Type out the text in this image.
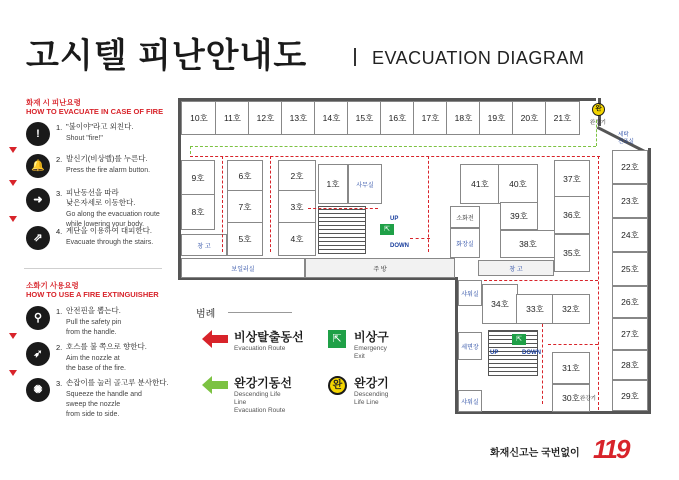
고시텔 피난안내도	EVACUATION DIAGRAM
화재 시 피난요령
HOW TO EVACUATE IN CASE OF FIRE
!
1. "불이야"라고 외친다.
Shout "fire!"
🔔
2. 발신기(비상벨)를 누른다.
Press the fire alarm button.
➜
3. 피난동선을 따라
낮은자세로 이동한다.
Go along the evacuation route
while lowering your body.
⇗
4. 계단을 이용하여 대피한다.
Evacuate through the stairs.
소화기 사용요령
HOW TO USE A FIRE EXTINGUISHER
⚲
1. 안전핀을 뽑는다.
Pull the safety pin
from the handle.
➶
2. 호스를 불 쪽으로 향한다.
Aim the nozzle at
the base of the fire.
✺
3. 손잡이를 눌러 골고루 분사한다.
Squeeze the handle and
sweep the nozzle
from side to side.
10호	11호	12호	13호	14호	15호	16호	17호	18호	19호	20호	21호
완
완강기
세탁
건조실
9호
8호
창 고
6호
7호
5호
2호
3호
4호
1호	사무실
보일러실	주 방
UP
DOWN
⇱
소화전
화장실
41호	40호
39호
38호
37호
36호
35호
창 고
샤워실
세면장
샤워실
34호	33호	32호
31호
30호
⇱
UP	DOWN
22호
23호
24호
25호
26호
27호
28호
29호
완강기
범례
비상탈출동선
Evacuation Route
⇱	비상구
Emergency Exit
완강기동선
Descending Life Line
Evacuation Route
완 완강기
Descending Life Line
화재신고는 국번없이 119
